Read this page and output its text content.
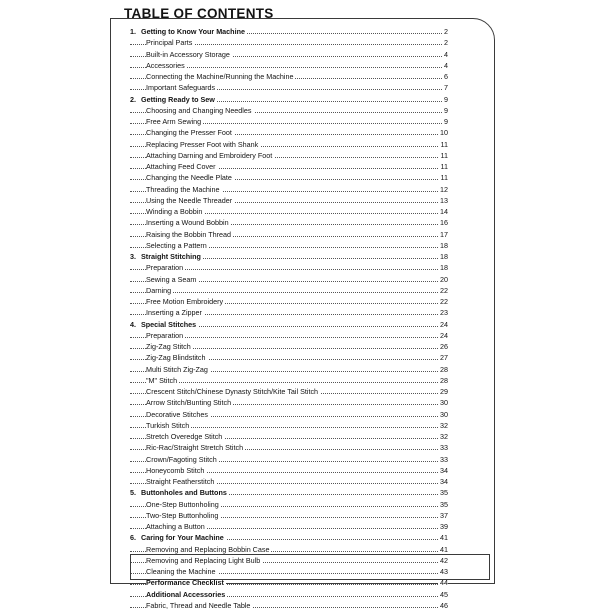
TABLE OF CONTENTS
1. Getting to Know Your Machine	2
Principal Parts	2
Built-in Accessory Storage	4
Accessories	4
Connecting the Machine/Running the Machine	6
Important Safeguards	7
2. Getting Ready to Sew	9
Choosing and Changing Needles	9
Free Arm Sewing	9
Changing the Presser Foot	10
Replacing Presser Foot with Shank	11
Attaching Darning and Embroidery Foot	11
Attaching Feed Cover	11
Changing the Needle Plate	11
Threading the Machine	12
Using the Needle Threader	13
Winding a Bobbin	14
Inserting a Wound Bobbin	16
Raising the Bobbin Thread	17
Selecting a Pattern	18
3. Straight Stitching	18
Preparation	18
Sewing a Seam	20
Darning	22
Free Motion Embroidery	22
Inserting a Zipper	23
4. Special Stitches	24
Preparation	24
Zig-Zag Stitch	26
Zig-Zag Blindstitch	27
Multi Stitch Zig-Zag	28
"M" Stitch	28
Crescent Stitch/Chinese Dynasty Stitch/Kite Tail Stitch	29
Arrow Stitch/Bunting Stitch	30
Decorative Stitches	30
Turkish Stitch	32
Stretch Overedge Stitch	32
Ric-Rac/Straight Stretch Stitch	33
Crown/Fagoting Stitch	33
Honeycomb Stitch	34
Straight Featherstitch	34
5. Buttonholes and Buttons	35
One-Step Buttonholing	35
Two-Step Buttonholing	37
Attaching a Button	39
6. Caring for Your Machine	41
Removing and Replacing Bobbin Case	41
Removing and Replacing Light Bulb	42
Cleaning the Machine	43
Performance Checklist	44
Additional Accessories	45
Fabric, Thread and Needle Table	46
